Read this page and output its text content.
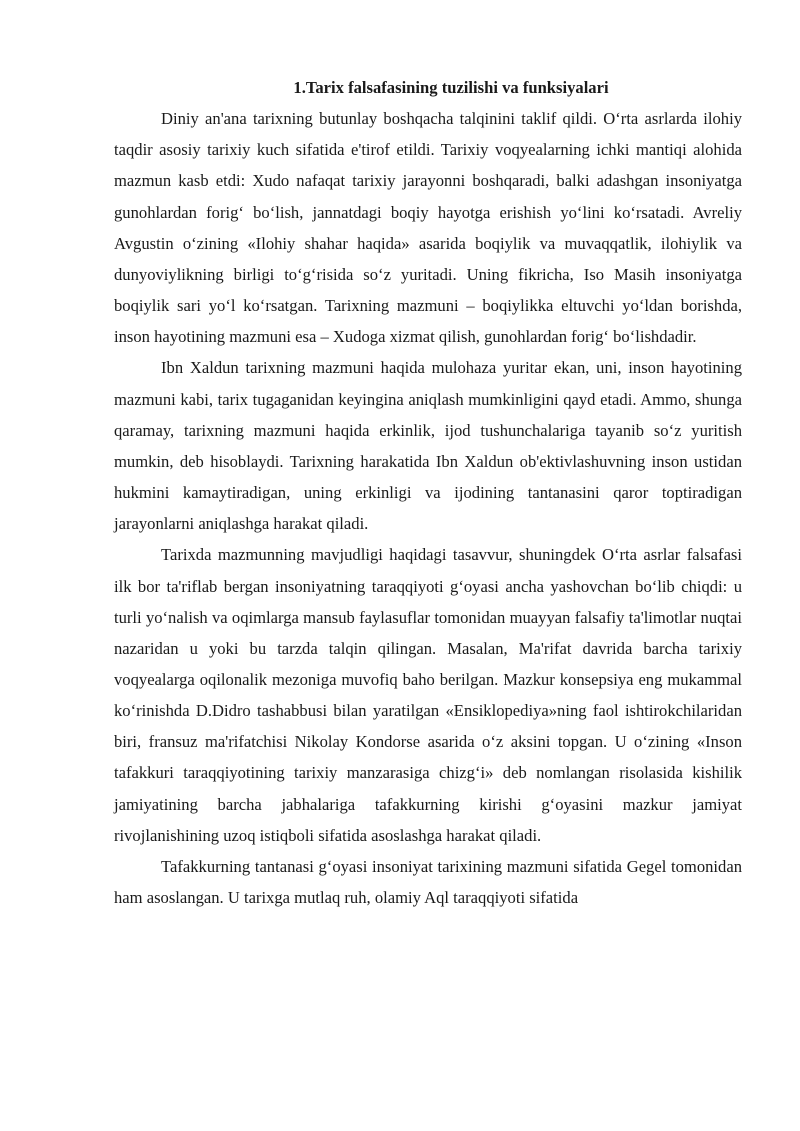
1.Tarix falsafasining tuzilishi va funksiyalari

Diniy an'ana tarixning butunlay boshqacha talqinini taklif qildi. O‘rta asrlarda ilohiy taqdir asosiy tarixiy kuch sifatida e'tirof etildi. Tarixiy voqyealarning ichki mantiqi alohida mazmun kasb etdi: Xudo nafaqat tarixiy jarayonni boshqaradi, balki adashgan insoniyatga gunohlardan forig‘ bo‘lish, jannatdagi boqiy hayotga erishish yo‘lini ko‘rsatadi. Avreliy Avgustin o‘zining «Ilohiy shahar haqida» asarida boqiylik va muvaqqatlik, ilohiylik va dunyoviylikning birligi to‘g‘risida so‘z yuritadi. Uning fikricha, Iso Masih insoniyatga boqiylik sari yo‘l ko‘rsatgan. Tarixning mazmuni – boqiylikka eltuvchi yo‘ldan borishda, inson hayotining mazmuni esa – Xudoga xizmat qilish, gunohlardan forig‘ bo‘lishdadir.

Ibn Xaldun tarixning mazmuni haqida mulohaza yuritar ekan, uni, inson hayotining mazmuni kabi, tarix tugaganidan keyingina aniqlash mumkinligini qayd etadi. Ammo, shunga qaramay, tarixning mazmuni haqida erkinlik, ijod tushunchalariga tayanib so‘z yuritish mumkin, deb hisoblaydi. Tarixning harakatida Ibn Xaldun ob'ektivlashuvning inson ustidan hukmini kamaytiradigan, uning erkinligi va ijodining tantanasini qaror toptiradigan jarayonlarni aniqlashga harakat qiladi.

Tarixda mazmunning mavjudligi haqidagi tasavvur, shuningdek O‘rta asrlar falsafasi ilk bor ta'riflab bergan insoniyatning taraqqiyoti g‘oyasi ancha yashovchan bo‘lib chiqdi: u turli yo‘nalish va oqimlarga mansub faylasuflar tomonidan muayyan falsafiy ta'limotlar nuqtai nazaridan u yoki bu tarzda talqin qilingan. Masalan, Ma'rifat davrida barcha tarixiy voqyealarga oqilonalik mezoniga muvofiq baho berilgan. Mazkur konsepsiya eng mukammal ko‘rinishda D.Didro tashabbusi bilan yaratilgan «Ensiklopediya»ning faol ishtirokchilaridan biri, fransuz ma'rifatchisi Nikolay Kondorse asarida o‘z aksini topgan. U o‘zining «Inson tafakkuri taraqqiyotining tarixiy manzarasiga chizg‘i» deb nomlangan risolasida kishilik jamiyatining barcha jabhalariga tafakkurning kirishi g‘oyasini mazkur jamiyat rivojlanishining uzoq istiqboli sifatida asoslashga harakat qiladi.

Tafakkurning tantanasi g‘oyasi insoniyat tarixining mazmuni sifatida Gegel tomonidan ham asoslangan. U tarixga mutlaq ruh, olamiy Aql taraqqiyoti sifatida
